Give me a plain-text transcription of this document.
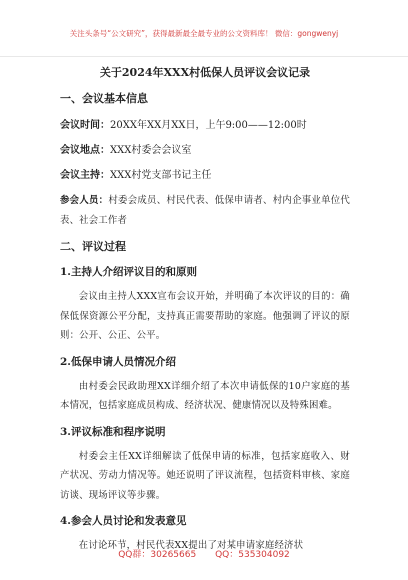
关注头条号“公文研究”，获得最新最全最专业的公文资料库！ 微信：gongwenyj
关于2024年XXX村低保人员评议会议记录
一、会议基本信息
会议时间：20XX年XX月XX日，上午9:00——12:00时
会议地点：XXX村委会会议室
会议主持：XXX村党支部书记主任
参会人员：村委会成员、村民代表、低保申请者、村内企事业单位代表、社会工作者
二、评议过程
1.主持人介绍评议目的和原则
会议由主持人XXX宣布会议开始，并明确了本次评议的目的：确保低保资源公平分配，支持真正需要帮助的家庭。他强调了评议的原则：公开、公正、公平。
2.低保申请人员情况介绍
由村委会民政助理XX详细介绍了本次申请低保的10户家庭的基本情况，包括家庭成员构成、经济状况、健康情况以及特殊困难。
3.评议标准和程序说明
村委会主任XX详细解读了低保申请的标准，包括家庭收入、财产状况、劳动力情况等。她还说明了评议流程，包括资料审核、家庭访谈、现场评议等步骤。
4.参会人员讨论和发表意见
在讨论环节，村民代表XX提出了对某申请家庭经济状
QQ群：30265665 QQ：535304092
